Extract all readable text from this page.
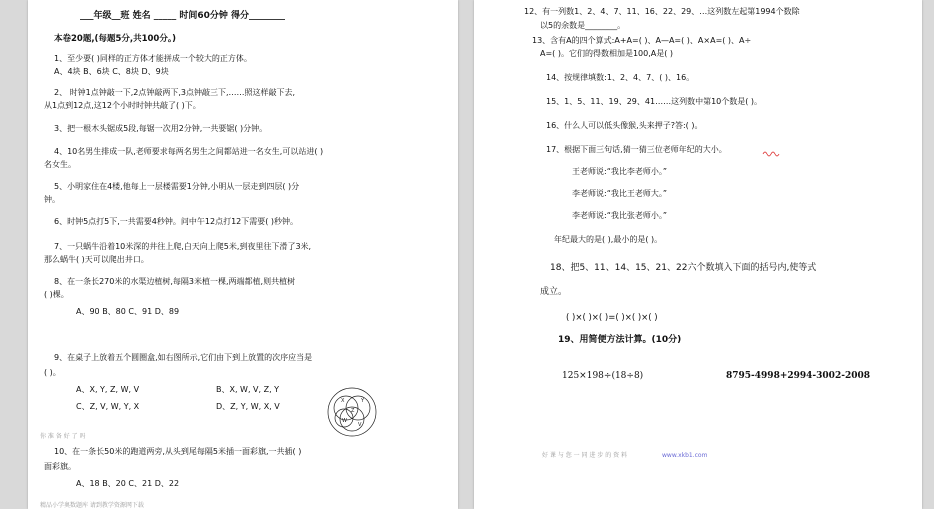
___年级__班 姓名 _____ 时间60分钟 得分________
本卷20题,(每题5分,共100分。)
1、至少要( )同样的正方体才能拼成一个较大的正方体。
A、4块 B、6块 C、8块 D、9块
2、 时钟1点钟敲一下,2点钟敲两下,3点钟敲三下,……照这样敲下去,
从1点到12点,这12个小时时钟共敲了( )下。
3、把一根木头锯成5段,每锯一次用2分钟,一共要锯( )分钟。
4、10名男生排成一队,老师要求每两名男生之间都站进一名女生,可以站进( )
名女生。
5、小明家住在4楼,他每上一层楼需要1分钟,小明从一层走到四层( )分
钟。
6、时钟5点打5下,一共需要4秒钟。问中午12点打12下需要( )秒钟。
7、一只蜗牛沿着10米深的井往上爬,白天向上爬5米,到夜里往下滑了3米,
那么蜗牛( )天可以爬出井口。
8、在一条长270米的水渠边植树,每隔3米植一棵,两端都植,则共植树
( )棵。
A、90 B、80 C、91 D、89
9、在桌子上放着五个圆圈盒,如右图所示,它们由下到上放置的次序应当是
( )。
A、X, Y, Z, W, V	B、X, W, V, Z, Y
C、Z, V, W, Y, X	D、Z, Y, W, X, V
X	Y
Z
W
V
你 准 备 好 了 吗
10、在一条长50米的跑道两旁,从头到尾每隔5米插一面彩旗,一共插( )
面彩旗。
A、18 B、20 C、21 D、22
精品小学奥数题库 请到教学资源网下载
12、有一列数1、2、4、7、11、16、22、29、…这列数左起第1994个数除
以5的余数是________。
13、含有A的四个算式:A+A=( )、A—A=( )、A×A=( )、A÷
A=( )。它们的得数相加是100,A是( )
14、按规律填数:1、2、4、7、( )、16。
15、1、5、11、19、29、41……这列数中第10个数是( )。
16、什么人可以低头像猴,头来押子?答:( )。
17、根据下面三句话,猜一猜三位老师年纪的大小。
王老师说:“我比李老师小。”
李老师说:“我比王老师大。”
李老师说:“我比张老师小。”
年纪最大的是( ),最小的是( )。
18、把5、11、14、15、21、22六个数填入下面的括号内,使等式
成立。
( )×( )×( )=( )×( )×( )
19、用简便方法计算。(10分)
125×198÷(18÷8)	8795-4998+2994-3002-2008
好 课 与 您 一 同 进 步 的 资 料	www.xkb1.com
